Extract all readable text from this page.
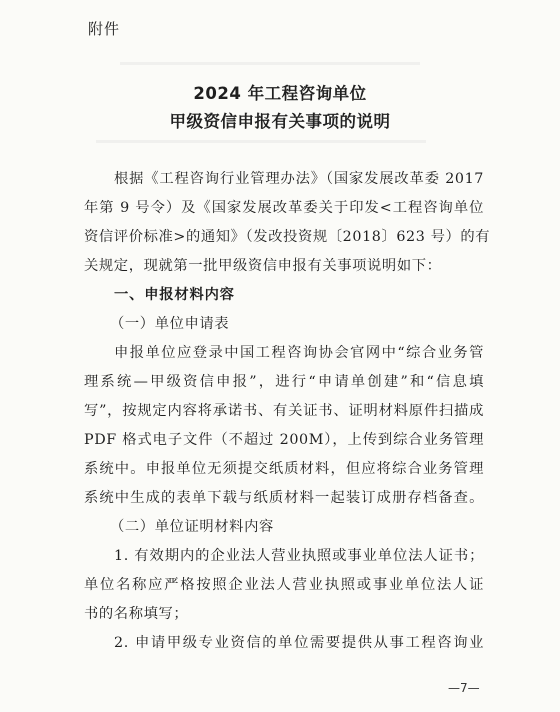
附件
2024 年工程咨询单位
甲级资信申报有关事项的说明
根据《工程咨询行业管理办法》（国家发展改革委 2017
年第 9 号令）及《国家发展改革委关于印发<工程咨询单位
资信评价标准>的通知》（发改投资规〔2018〕623 号）的有
关规定，现就第一批甲级资信申报有关事项说明如下：
一、申报材料内容
（一）单位申请表
申报单位应登录中国工程咨询协会官网中“综合业务管
理系统—甲级资信申报”，进行“申请单创建”和“信息填
写”，按规定内容将承诺书、有关证书、证明材料原件扫描成
PDF 格式电子文件（不超过 200M），上传到综合业务管理
系统中。申报单位无须提交纸质材料，但应将综合业务管理
系统中生成的表单下载与纸质材料一起装订成册存档备查。
（二）单位证明材料内容
1. 有效期内的企业法人营业执照或事业单位法人证书；
单位名称应严格按照企业法人营业执照或事业单位法人证
书的名称填写；
2. 申请甲级专业资信的单位需要提供从事工程咨询业
—7—
